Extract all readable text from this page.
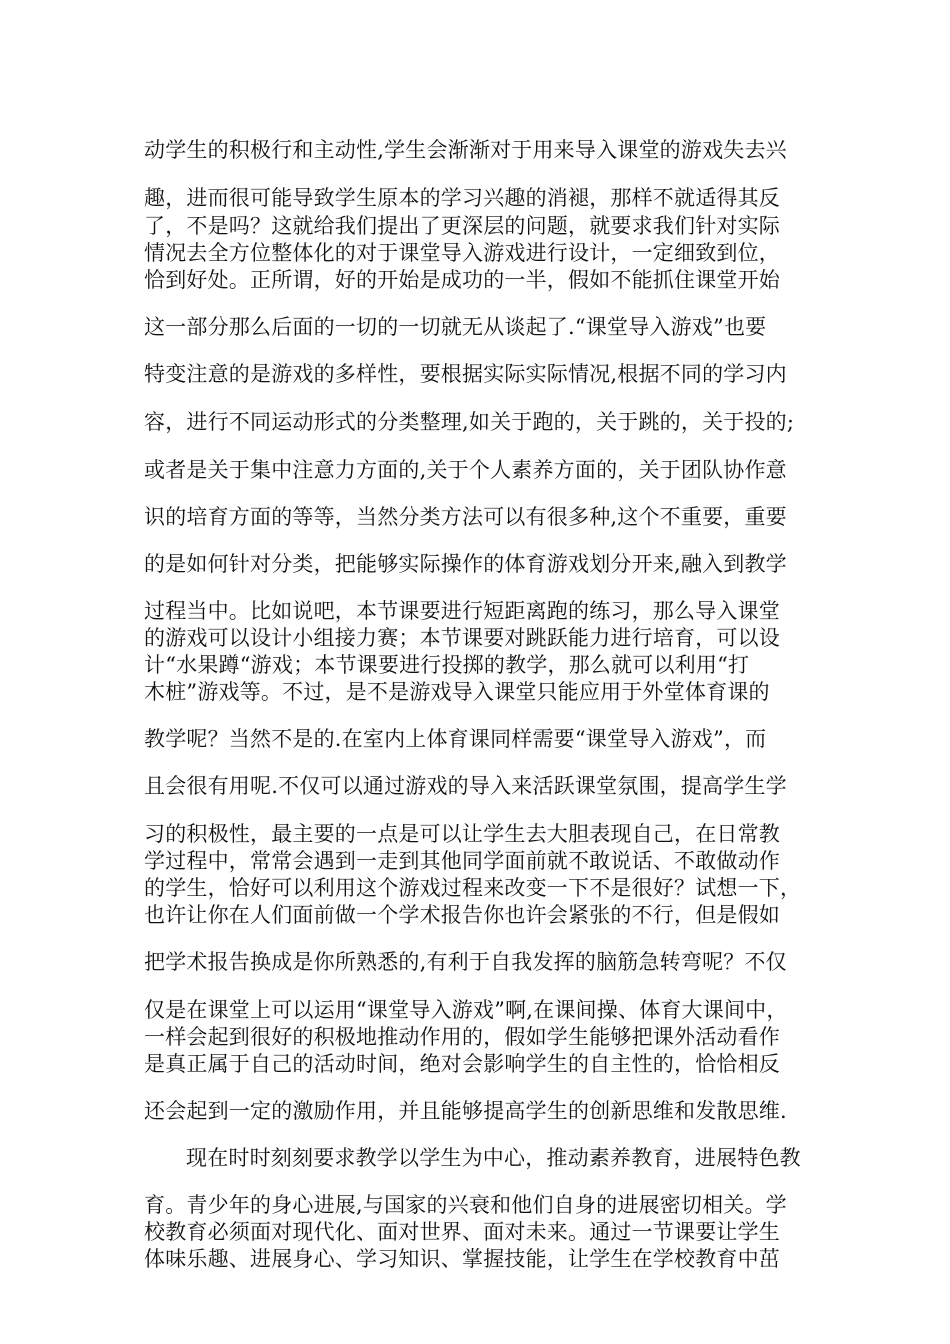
动学生的积极行和主动性,学生会渐渐对于用来导入课堂的游戏失去兴
趣，进而很可能导致学生原本的学习兴趣的消褪，那样不就适得其反
了，不是吗？这就给我们提出了更深层的问题，就要求我们针对实际
情况去全方位整体化的对于课堂导入游戏进行设计，一定细致到位，
恰到好处。正所谓，好的开始是成功的一半，假如不能抓住课堂开始
这一部分那么后面的一切的一切就无从谈起了.“课堂导入游戏”也要
特变注意的是游戏的多样性，要根据实际实际情况,根据不同的学习内
容，进行不同运动形式的分类整理,如关于跑的，关于跳的，关于投的;
或者是关于集中注意力方面的,关于个人素养方面的，关于团队协作意
识的培育方面的等等，当然分类方法可以有很多种,这个不重要，重要
的是如何针对分类，把能够实际操作的体育游戏划分开来,融入到教学
过程当中。比如说吧，本节课要进行短距离跑的练习，那么导入课堂
的游戏可以设计小组接力赛；本节课要对跳跃能力进行培育，可以设
计“水果蹲“游戏；本节课要进行投掷的教学，那么就可以利用“打
木桩”游戏等。不过，是不是游戏导入课堂只能应用于外堂体育课的
教学呢？当然不是的.在室内上体育课同样需要“课堂导入游戏”，而
且会很有用呢.不仅可以通过游戏的导入来活跃课堂氛围，提高学生学
习的积极性，最主要的一点是可以让学生去大胆表现自己，在日常教
学过程中，常常会遇到一走到其他同学面前就不敢说话、不敢做动作
的学生，恰好可以利用这个游戏过程来改变一下不是很好？试想一下，
也许让你在人们面前做一个学术报告你也许会紧张的不行，但是假如
把学术报告换成是你所熟悉的,有利于自我发挥的脑筋急转弯呢？不仅
仅是在课堂上可以运用“课堂导入游戏”啊,在课间操、体育大课间中，
一样会起到很好的积极地推动作用的，假如学生能够把课外活动看作
是真正属于自己的活动时间，绝对会影响学生的自主性的，恰恰相反
还会起到一定的激励作用，并且能够提高学生的创新思维和发散思维.
现在时时刻刻要求教学以学生为中心，推动素养教育，进展特色教
育。青少年的身心进展,与国家的兴衰和他们自身的进展密切相关。学
校教育必须面对现代化、面对世界、面对未来。通过一节课要让学生
体味乐趣、进展身心、学习知识、掌握技能，让学生在学校教育中茁
